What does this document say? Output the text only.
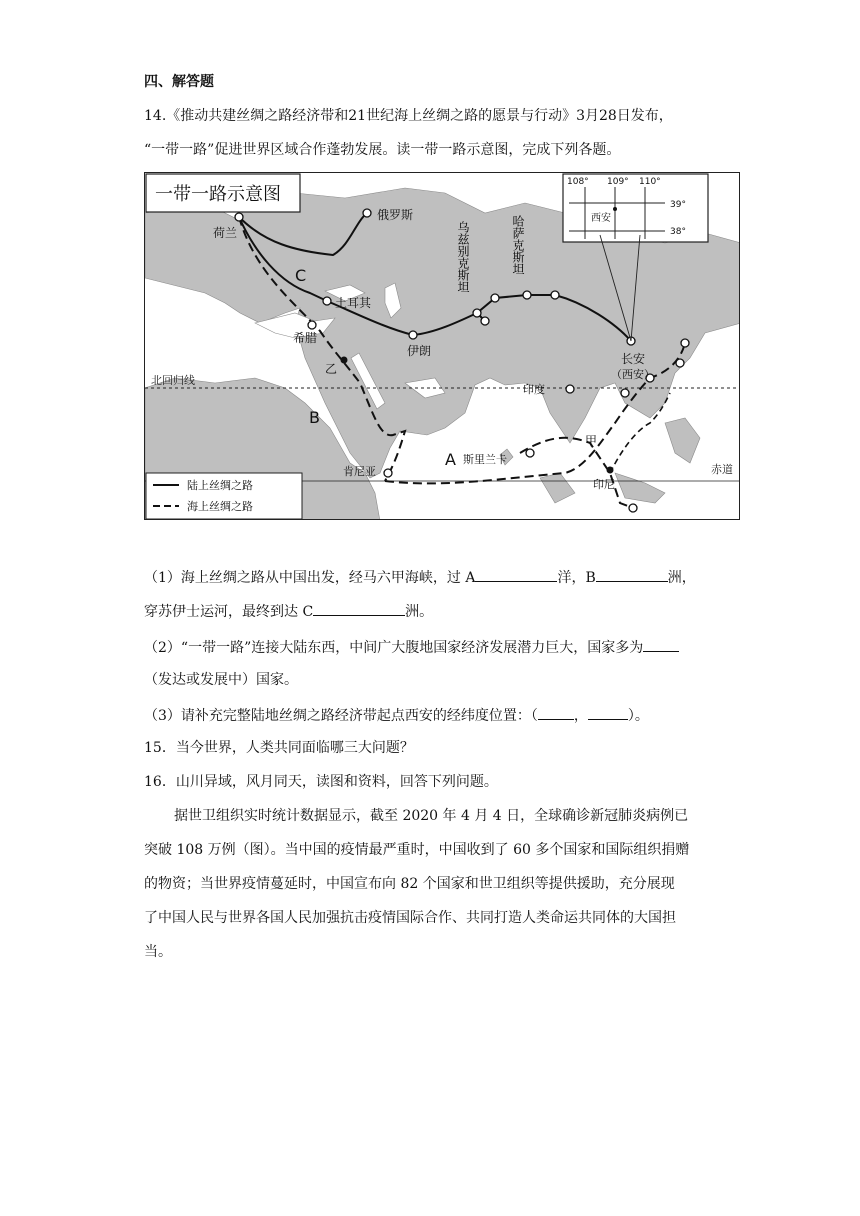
四、解答题
14.《推动共建丝绸之路经济带和21世纪海上丝绸之路的愿景与行动》3月28日发布，
“一带一路”促进世界区域合作蓬勃发展。读一带一路示意图，完成下列各题。
北回归线
赤道
荷兰
俄罗斯
土耳其
希腊
伊朗
长安
（西安）
印度
斯里兰卡
肯尼亚
印尼
乙
甲
A
B
C	乌兹别克斯坦	哈萨克斯坦
一带一路示意图
陆上丝绸之路
海上丝绸之路
108° 109° 110°
39°
38°
西安
（1）海上丝绸之路从中国出发，经马六甲海峡，过 A	洋，B	洲，
穿苏伊士运河，最终到达 C	洲。
（2）“一带一路”连接大陆东西，中间广大腹地国家经济发展潜力巨大，国家多为
（发达或发展中）国家。
（3）请补充完整陆地丝绸之路经济带起点西安的经纬度位置：（	，	）。
15．当今世界，人类共同面临哪三大问题？
16．山川异域，风月同天，读图和资料，回答下列问题。
据世卫组织实时统计数据显示，截至 2020 年 4 月 4 日，全球确诊新冠肺炎病例已
突破 108 万例（图）。当中国的疫情最严重时，中国收到了 60 多个国家和国际组织捐赠
的物资；当世界疫情蔓延时，中国宣布向 82 个国家和世卫组织等提供援助，充分展现
了中国人民与世界各国人民加强抗击疫情国际合作、共同打造人类命运共同体的大国担
当。
